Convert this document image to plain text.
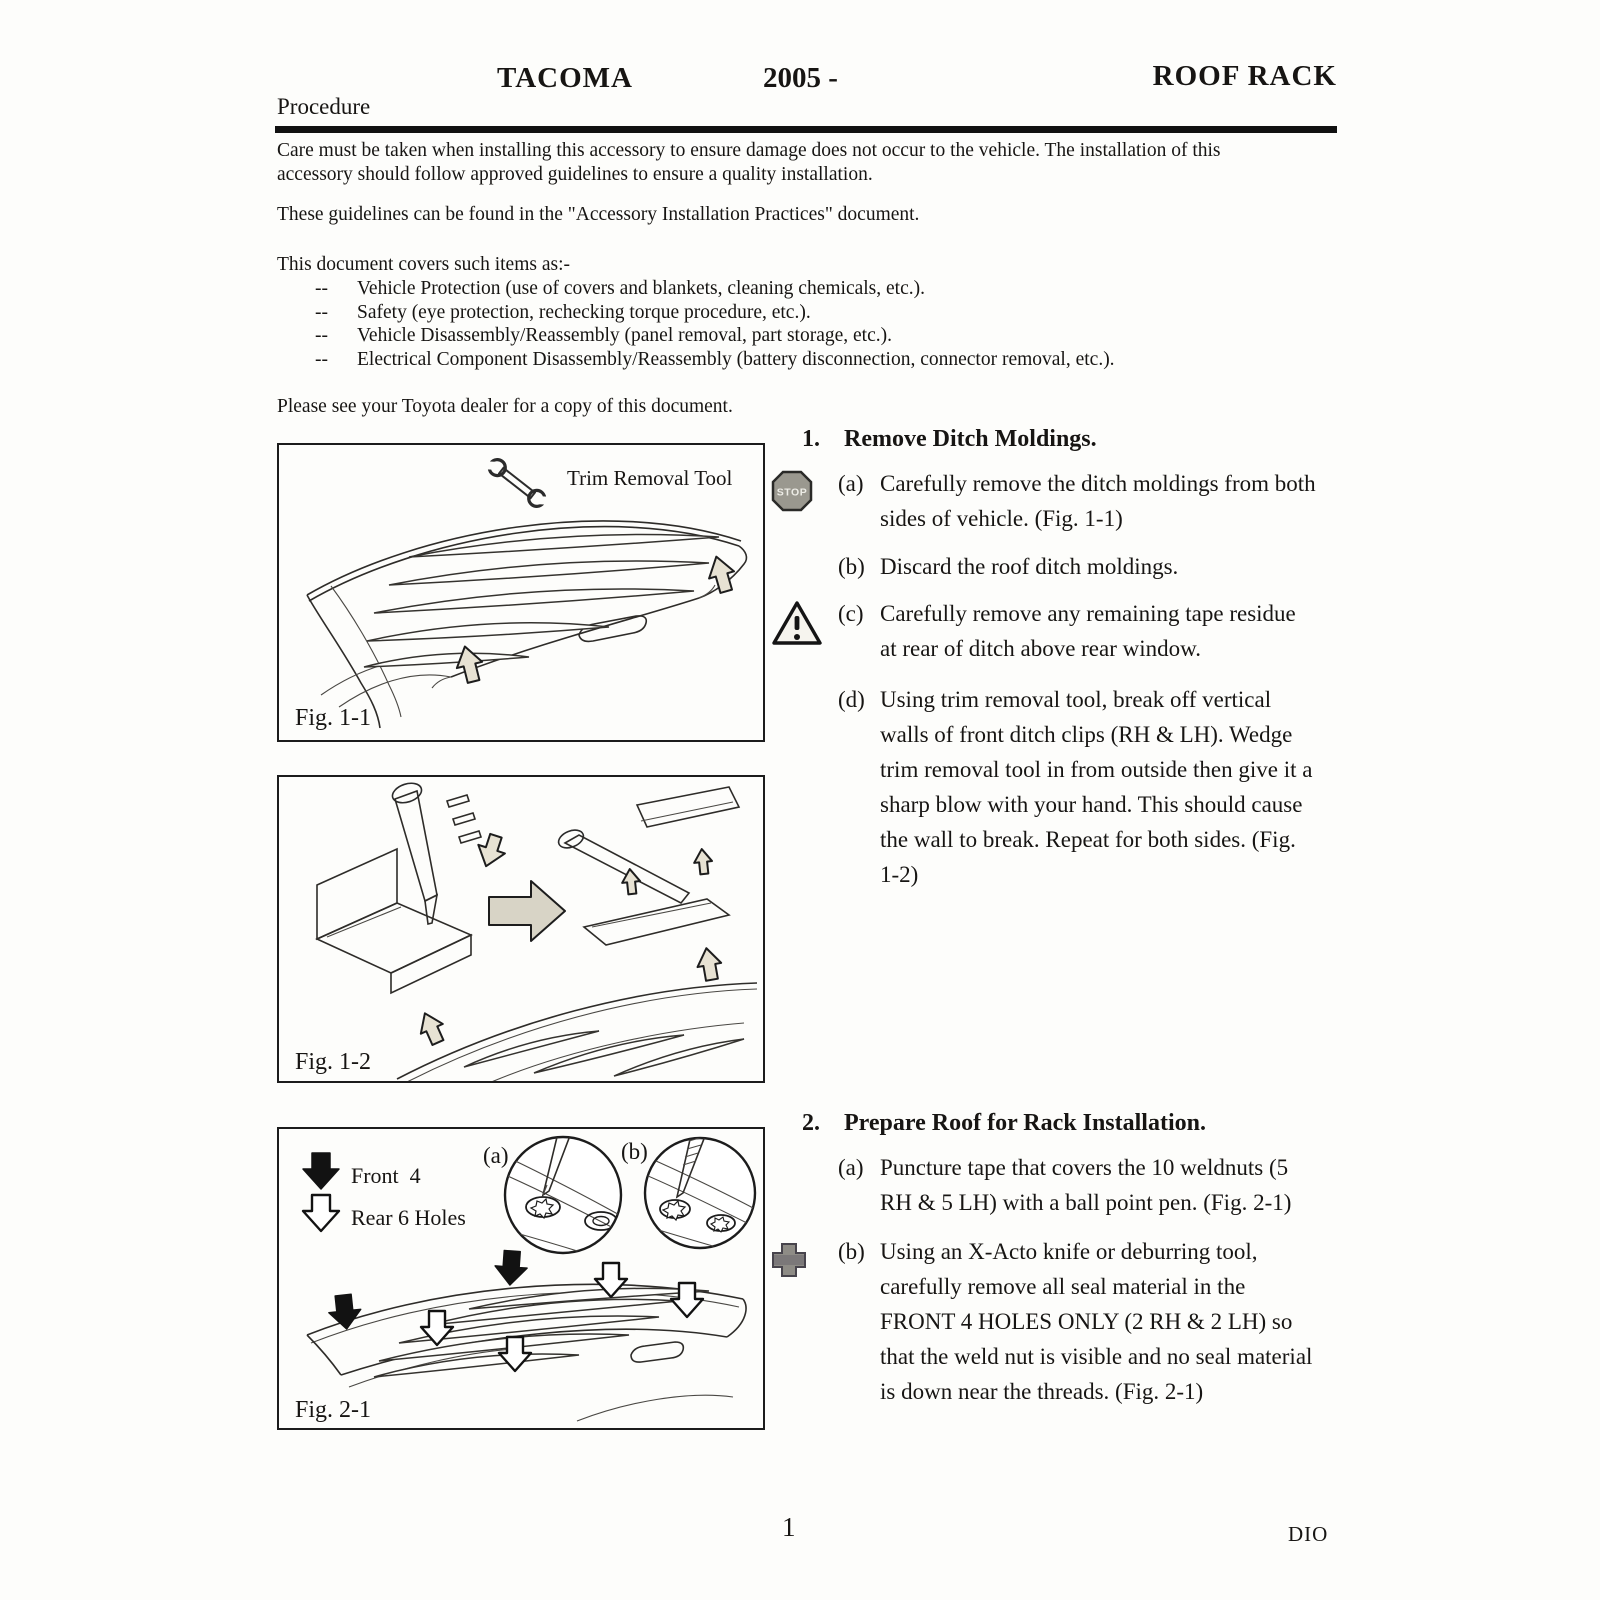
TACOMA	2005 -	ROOF RACK
Procedure

Care must be taken when installing this accessory to ensure damage does not occur to the vehicle. The installation of this accessory should follow approved guidelines to ensure a quality installation.

These guidelines can be found in the "Accessory Installation Practices" document.

This document covers such items as:-

--	Vehicle Protection (use of covers and blankets, cleaning chemicals, etc.).
--	Safety (eye protection, rechecking torque procedure, etc.).
--	Vehicle Disassembly/Reassembly (panel removal, part storage, etc.).
--	Electrical Component Disassembly/Reassembly (battery disconnection, connector removal, etc.).

Please see your Toyota dealer for a copy of this document.

Trim Removal Tool
Fig. 1-1
Fig. 1-2
Front  4
Rear 6 Holes
(a)	(b)
Fig. 2-1
1. Remove Ditch Moldings.
STOP (a) Carefully remove the ditch moldings from both sides of vehicle. (Fig. 1-1)
(b) Discard the roof ditch moldings.
(c) Carefully remove any remaining tape residue at rear of ditch above rear window.
(d) Using trim removal tool, break off vertical walls of front ditch clips (RH & LH). Wedge trim removal tool in from outside then give it a sharp blow with your hand. This should cause the wall to break. Repeat for both sides. (Fig. 1-2)
2. Prepare Roof for Rack Installation.
(a) Puncture tape that covers the 10 weldnuts (5 RH & 5 LH) with a ball point pen. (Fig. 2-1)
(b) Using an X-Acto knife or deburring tool, carefully remove all seal material in the FRONT 4 HOLES ONLY (2 RH & 2 LH) so that the weld nut is visible and no seal material is down near the threads. (Fig. 2-1)
1	DIO
